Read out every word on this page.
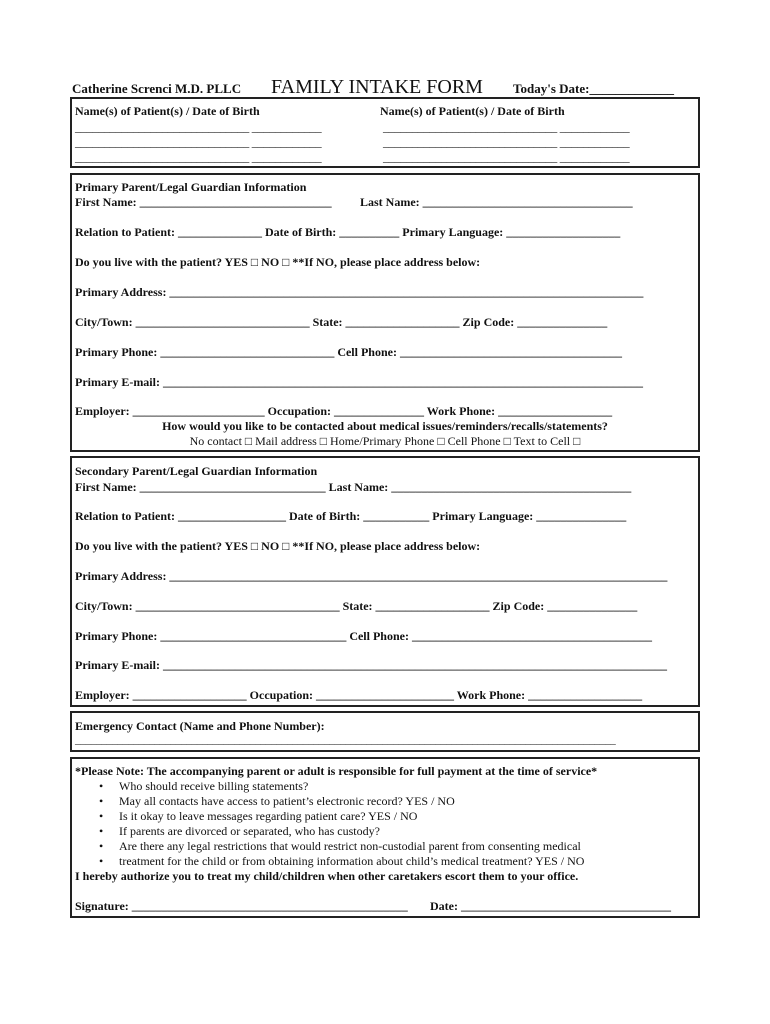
Catherine Screnci M.D. PLLC FAMILY INTAKE FORM Today's Date:_____________
Name(s) of Patient(s) / Date of Birth	Name(s) of Patient(s) / Date of Birth
______________________________ ____________
______________________________ ____________
______________________________ ____________
______________________________ ____________
______________________________ ____________
______________________________ ____________
Primary Parent/Legal Guardian Information
First Name: ________________________________ Last Name: ___________________________________
Relation to Patient: ______________ Date of Birth: __________ Primary Language: ___________________
Do you live with the patient? YES □ NO □ **If NO, please place address below:
Primary Address: _______________________________________________________________________________
City/Town: _____________________________ State: ___________________ Zip Code: _______________
Primary Phone: _____________________________ Cell Phone: _____________________________________
Primary E-mail: ________________________________________________________________________________
Employer: ______________________ Occupation: _______________ Work Phone: ___________________
How would you like to be contacted about medical issues/reminders/recalls/statements?
No contact □ Mail address □ Home/Primary Phone □ Cell Phone □ Text to Cell □
Secondary Parent/Legal Guardian Information
First Name: _______________________________ Last Name: ________________________________________
Relation to Patient: __________________ Date of Birth: ___________ Primary Language: _______________
Do you live with the patient? YES □ NO □ **If NO, please place address below:
Primary Address: ___________________________________________________________________________________
City/Town: __________________________________ State: ___________________ Zip Code: _______________
Primary Phone: _______________________________ Cell Phone: ________________________________________
Primary E-mail: ____________________________________________________________________________________
Employer: ___________________ Occupation: _______________________ Work Phone: ___________________
Emergency Contact (Name and Phone Number):
______________________________________________________________________________________________________
*Please Note: The accompanying parent or adult is responsible for full payment at the time of service*
• Who should receive billing statements?
• May all contacts have access to patient’s electronic record? YES / NO
• Is it okay to leave messages regarding patient care? YES / NO
• If parents are divorced or separated, who has custody?
• Are there any legal restrictions that would restrict non-custodial parent from consenting medical
• treatment for the child or from obtaining information about child’s medical treatment? YES / NO
I hereby authorize you to treat my child/children when other caretakers escort them to your office.
Signature: ______________________________________________ Date: ___________________________________
